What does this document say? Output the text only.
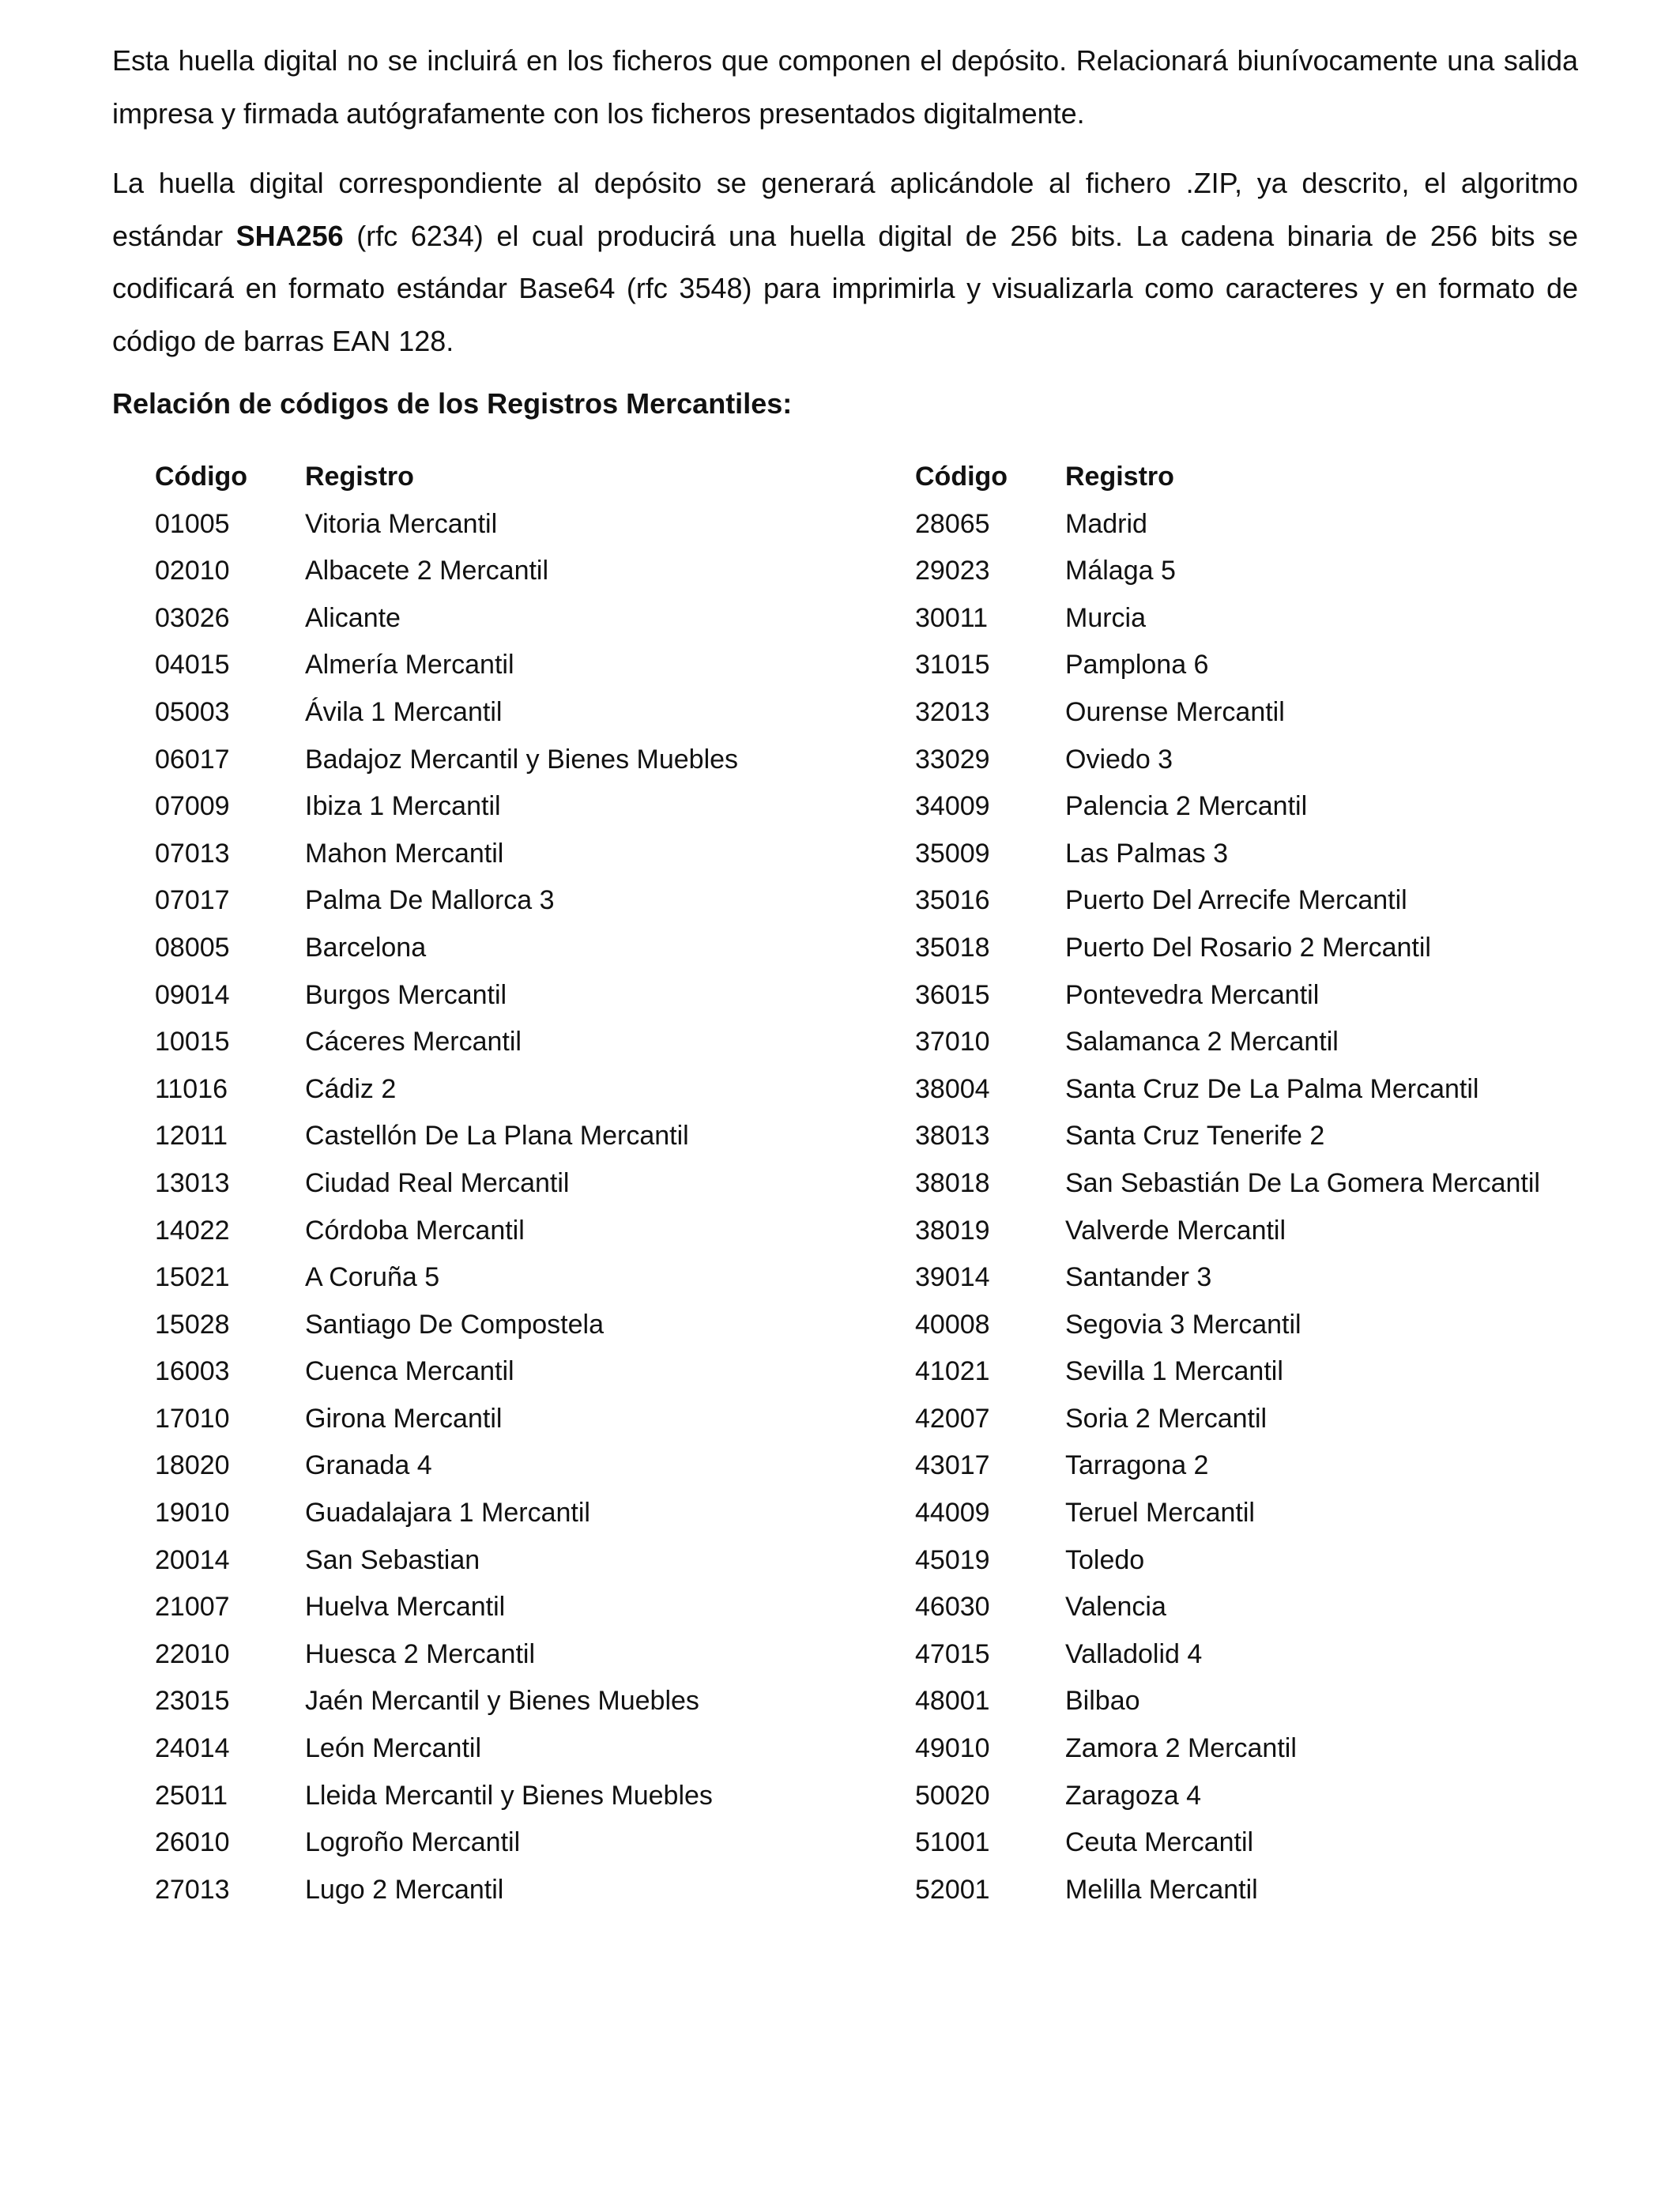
Esta huella digital no se incluirá en los ficheros que componen el depósito. Relacionará biunívocamente una salida impresa y firmada autógrafamente con los ficheros presentados digitalmente.

La huella digital correspondiente al depósito se generará aplicándole al fichero .ZIP, ya descrito, el algoritmo estándar SHA256 (rfc 6234) el cual producirá una huella digital de 256 bits. La cadena binaria de 256 bits se codificará en formato estándar Base64 (rfc 3548) para imprimirla y visualizarla como caracteres y en formato de código de barras EAN 128.

Relación de códigos de los Registros Mercantiles:
Código Registro
01005	Vitoria Mercantil
02010	Albacete 2 Mercantil
03026	Alicante
04015	Almería Mercantil
05003	Ávila 1 Mercantil
06017	Badajoz Mercantil y Bienes Muebles
07009	Ibiza 1 Mercantil
07013	Mahon Mercantil
07017	Palma De Mallorca 3
08005	Barcelona
09014	Burgos Mercantil
10015	Cáceres Mercantil
11016	Cádiz 2
12011	Castellón De La Plana Mercantil
13013	Ciudad Real Mercantil
14022	Córdoba Mercantil
15021	A Coruña 5
15028	Santiago De Compostela
16003	Cuenca Mercantil
17010	Girona Mercantil
18020	Granada 4
19010	Guadalajara 1 Mercantil
20014	San Sebastian
21007	Huelva Mercantil
22010	Huesca 2 Mercantil
23015	Jaén Mercantil y Bienes Muebles
24014	León Mercantil
25011	Lleida Mercantil y Bienes Muebles
26010	Logroño Mercantil
27013	Lugo 2 Mercantil
Código Registro
28065	Madrid
29023	Málaga 5
30011	Murcia
31015	Pamplona 6
32013	Ourense Mercantil
33029	Oviedo 3
34009	Palencia 2 Mercantil
35009	Las Palmas 3
35016	Puerto Del Arrecife Mercantil
35018	Puerto Del Rosario 2 Mercantil
36015	Pontevedra Mercantil
37010	Salamanca 2 Mercantil
38004	Santa Cruz De La Palma Mercantil
38013	Santa Cruz Tenerife 2
38018	San Sebastián De La Gomera Mercantil
38019	Valverde Mercantil
39014	Santander 3
40008	Segovia 3 Mercantil
41021	Sevilla 1 Mercantil
42007	Soria 2 Mercantil
43017	Tarragona 2
44009	Teruel Mercantil
45019	Toledo
46030	Valencia
47015	Valladolid 4
48001	Bilbao
49010	Zamora 2 Mercantil
50020	Zaragoza 4
51001	Ceuta Mercantil
52001	Melilla Mercantil
